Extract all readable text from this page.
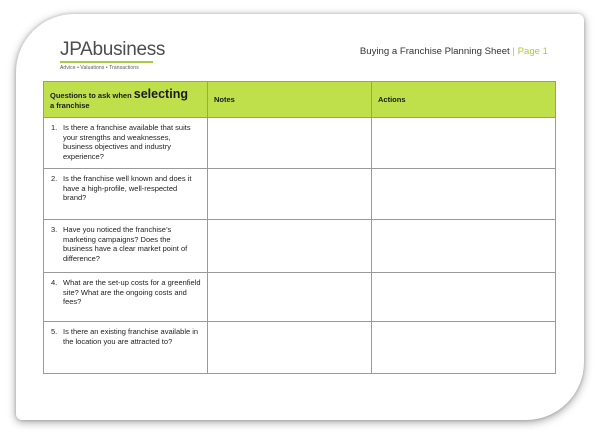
JPAbusiness
Advice • Valuations • Transactions
Buying a Franchise Planning Sheet | Page 1
Questions to ask when selecting
a franchise	Notes	Actions

1. Is there a franchise available that suits your strengths and weaknesses, business objectives and industry experience?		

2. Is the franchise well known and does it have a high-profile, well-respected brand?		

3. Have you noticed the franchise’s marketing campaigns? Does the business have a clear market point of difference?		

4. What are the set-up costs for a greenfield site? What are the ongoing costs and fees?		

5. Is there an existing franchise available in the location you are attracted to?		
